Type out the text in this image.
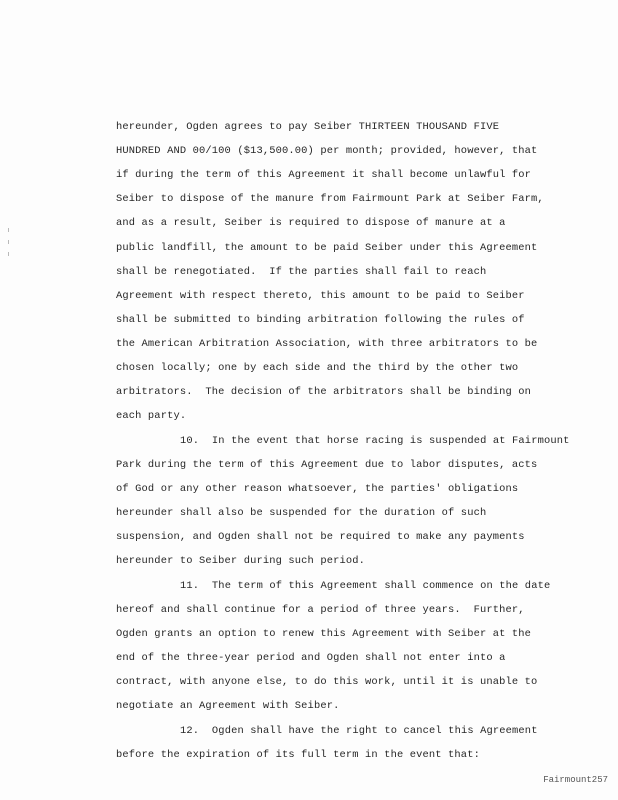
hereunder, Ogden agrees to pay Seiber THIRTEEN THOUSAND FIVE
HUNDRED AND 00/100 ($13,500.00) per month; provided, however, that
if during the term of this Agreement it shall become unlawful for
Seiber to dispose of the manure from Fairmount Park at Seiber Farm,
and as a result, Seiber is required to dispose of manure at a
public landfill, the amount to be paid Seiber under this Agreement
shall be renegotiated.  If the parties shall fail to reach
Agreement with respect thereto, this amount to be paid to Seiber
shall be submitted to binding arbitration following the rules of
the American Arbitration Association, with three arbitrators to be
chosen locally; one by each side and the third by the other two
arbitrators.  The decision of the arbitrators shall be binding on
each party.
10.  In the event that horse racing is suspended at Fairmount
Park during the term of this Agreement due to labor disputes, acts
of God or any other reason whatsoever, the parties' obligations
hereunder shall also be suspended for the duration of such
suspension, and Ogden shall not be required to make any payments
hereunder to Seiber during such period.
11.  The term of this Agreement shall commence on the date
hereof and shall continue for a period of three years.  Further,
Ogden grants an option to renew this Agreement with Seiber at the
end of the three-year period and Ogden shall not enter into a
contract, with anyone else, to do this work, until it is unable to
negotiate an Agreement with Seiber.
12.  Ogden shall have the right to cancel this Agreement
before the expiration of its full term in the event that:
Fairmount257
